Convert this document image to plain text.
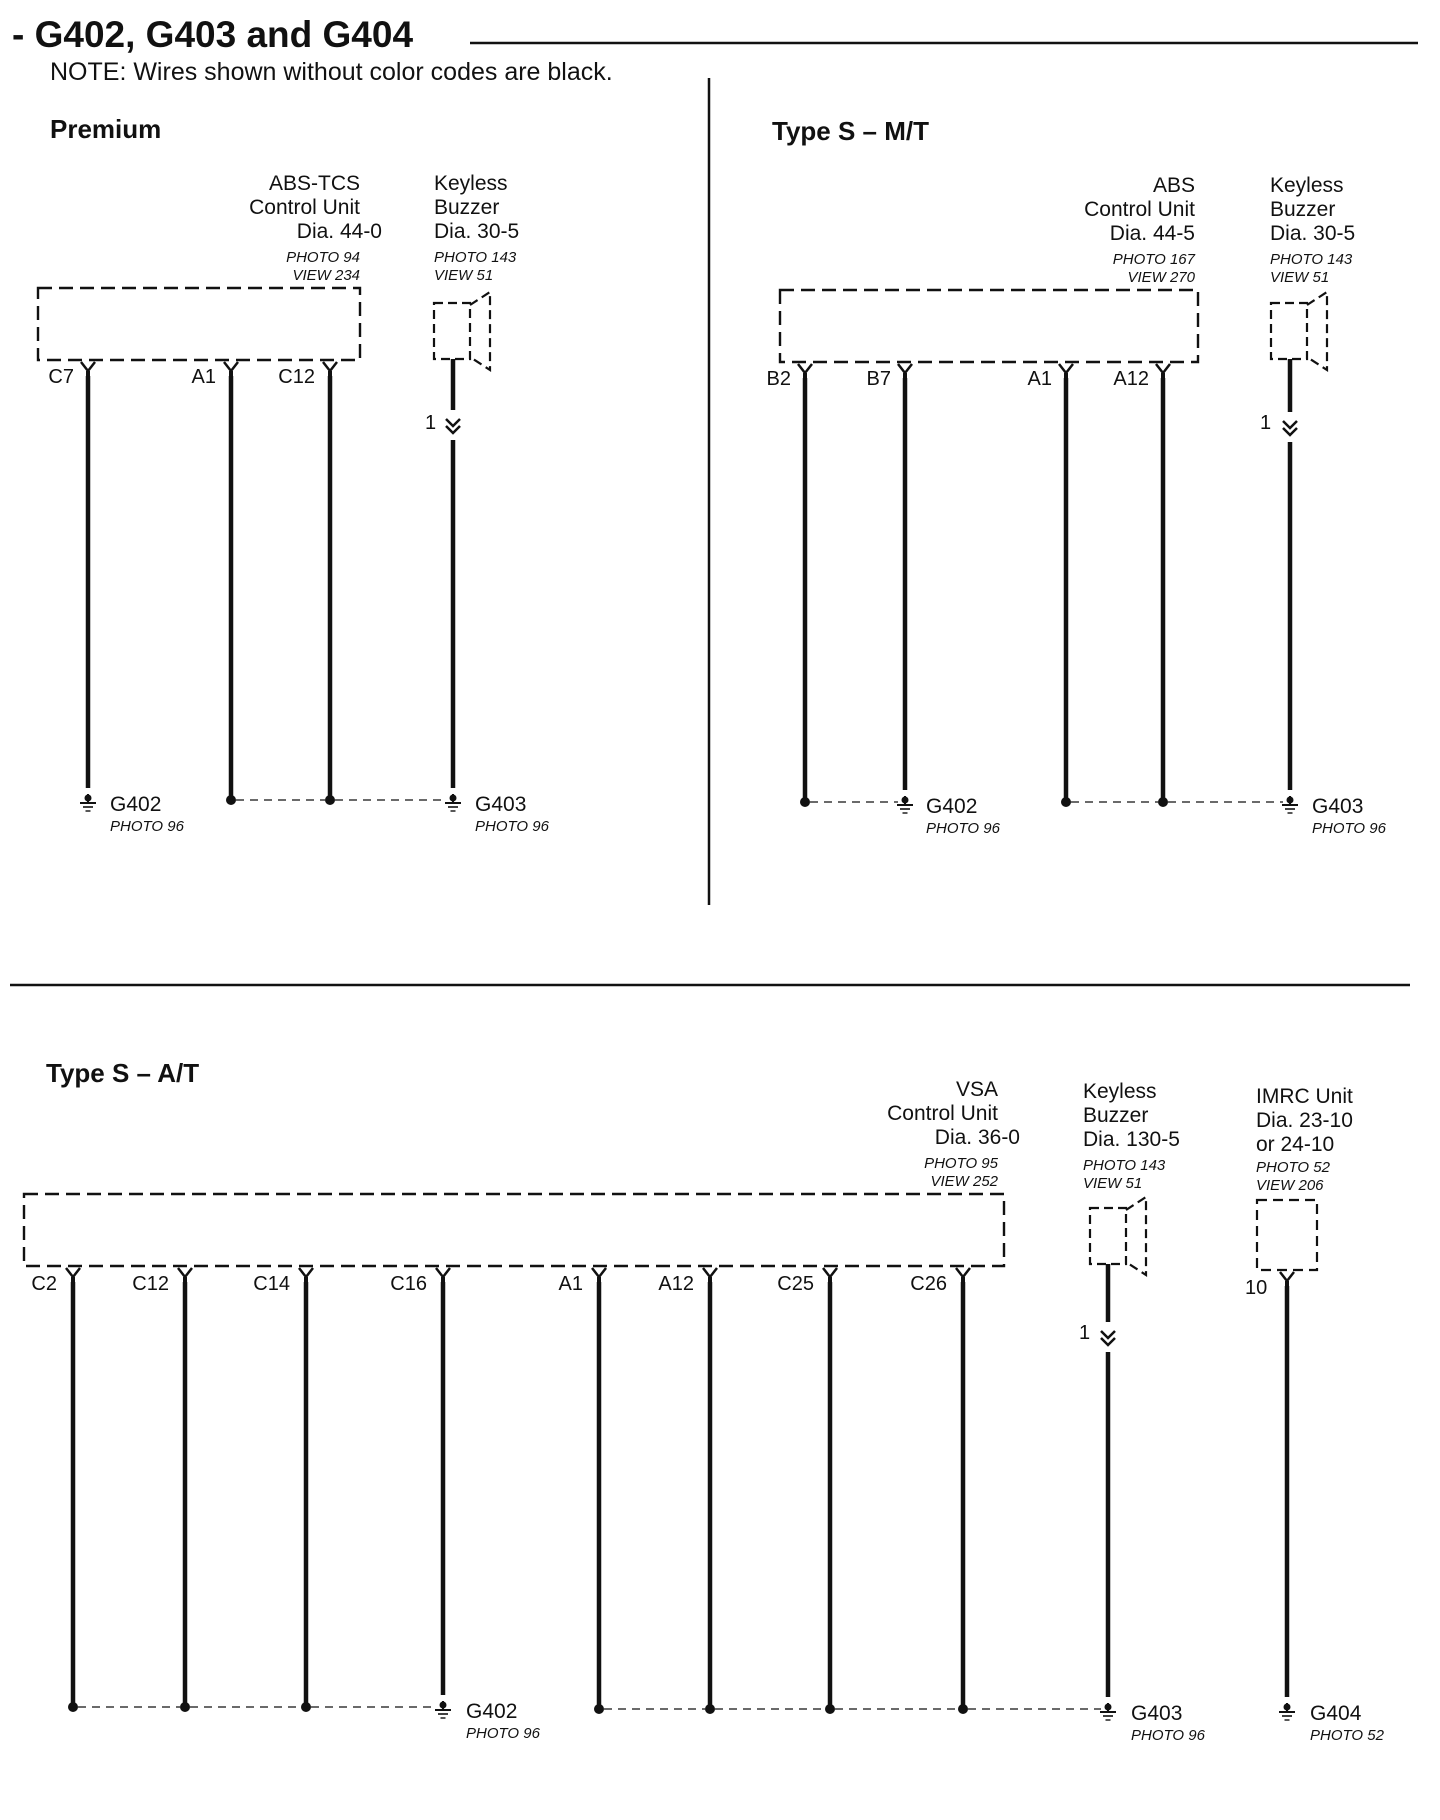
- G402, G403 and G404
NOTE: Wires shown without color codes are black.
Premium
ABS-TCS
Control Unit
Dia. 44-0
PHOTO 94
VIEW 234
Keyless
Buzzer
Dia. 30-5
PHOTO 143
VIEW 51
C7	A1	C12
1
G402
PHOTO 96
G403
PHOTO 96
Type S – M/T
ABS
Control Unit
Dia. 44-5
PHOTO 167
VIEW 270
Keyless
Buzzer
Dia. 30-5
PHOTO 143
VIEW 51
B2	B7	A1	A12
1
G402
PHOTO 96
G403
PHOTO 96
Type S – A/T
VSA
Control Unit
Dia. 36-0
PHOTO 95
VIEW 252
Keyless
Buzzer
Dia. 130-5
PHOTO 143
VIEW 51
IMRC Unit
Dia. 23-10
or 24-10
PHOTO 52
VIEW 206
C2	C12	C14	C16	A1	A12	C25	C26
1
10
G402
PHOTO 96
G403
PHOTO 96
G404
PHOTO 52
